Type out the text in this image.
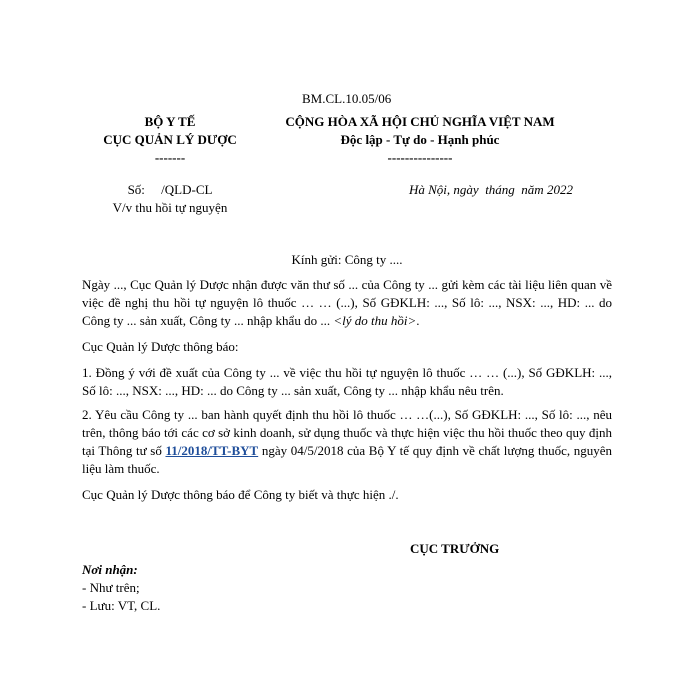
BM.CL.10.05/06
BỘ Y TẾ
CỤC QUẢN LÝ DƯỢC
-------
CỘNG HÒA XÃ HỘI CHỦ NGHĨA VIỆT NAM
Độc lập - Tự do - Hạnh phúc
---------------
Số:     /QLD-CL
V/v thu hồi tự nguyện
Hà Nội, ngày  tháng  năm 2022
Kính gửi: Công ty ....
Ngày ..., Cục Quản lý Dược nhận được văn thư số ... của Công ty ... gửi kèm các tài liệu liên quan về việc đề nghị thu hồi tự nguyện lô thuốc … … (...), Số GĐKLH: ..., Số lô: ..., NSX: ..., HD: ... do Công ty ... sản xuất, Công ty ... nhập khẩu do ... <lý do thu hồi>.
Cục Quản lý Dược thông báo:
1. Đồng ý với đề xuất của Công ty ... về việc thu hồi tự nguyện lô thuốc … … (...), Số GĐKLH: ..., Số lô: ..., NSX: ..., HD: ... do Công ty ... sản xuất, Công ty ... nhập khẩu nêu trên.
2. Yêu cầu Công ty ... ban hành quyết định thu hồi lô thuốc … …(...), Số GĐKLH: ..., Số lô: ..., nêu trên, thông báo tới các cơ sở kinh doanh, sử dụng thuốc và thực hiện việc thu hồi thuốc theo quy định tại Thông tư số 11/2018/TT-BYT ngày 04/5/2018 của Bộ Y tế quy định về chất lượng thuốc, nguyên liệu làm thuốc.
Cục Quản lý Dược thông báo để Công ty biết và thực hiện ./.
CỤC TRƯỞNG
Nơi nhận:
- Như trên;
- Lưu: VT, CL.
